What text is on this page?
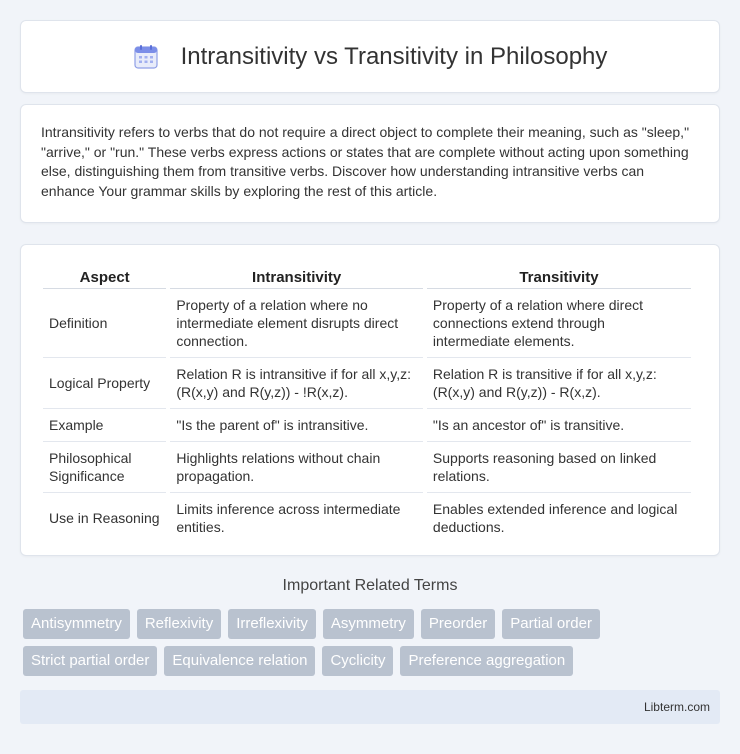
Intransitivity vs Transitivity in Philosophy

Intransitivity refers to verbs that do not require a direct object to complete their meaning, such as "sleep," "arrive," or "run." These verbs express actions or states that are complete without acting upon something else, distinguishing them from transitive verbs. Discover how understanding intransitive verbs can enhance Your grammar skills by exploring the rest of this article.

Aspect	Intransitivity	Transitivity
Definition	Property of a relation where no intermediate element disrupts direct connection.	Property of a relation where direct connections extend through intermediate elements.
Logical Property	Relation R is intransitive if for all x,y,z: (R(x,y) and R(y,z)) - !R(x,z).	Relation R is transitive if for all x,y,z: (R(x,y) and R(y,z)) - R(x,z).
Example	"Is the parent of" is intransitive.	"Is an ancestor of" is transitive.
Philosophical Significance	Highlights relations without chain propagation.	Supports reasoning based on linked relations.
Use in Reasoning	Limits inference across intermediate entities.	Enables extended inference and logical deductions.
Important Related Terms
Antisymmetry	Reflexivity	Irreflexivity	Asymmetry	Preorder	Partial order
Strict partial order	Equivalence relation	Cyclicity	Preference aggregation
Libterm.com
